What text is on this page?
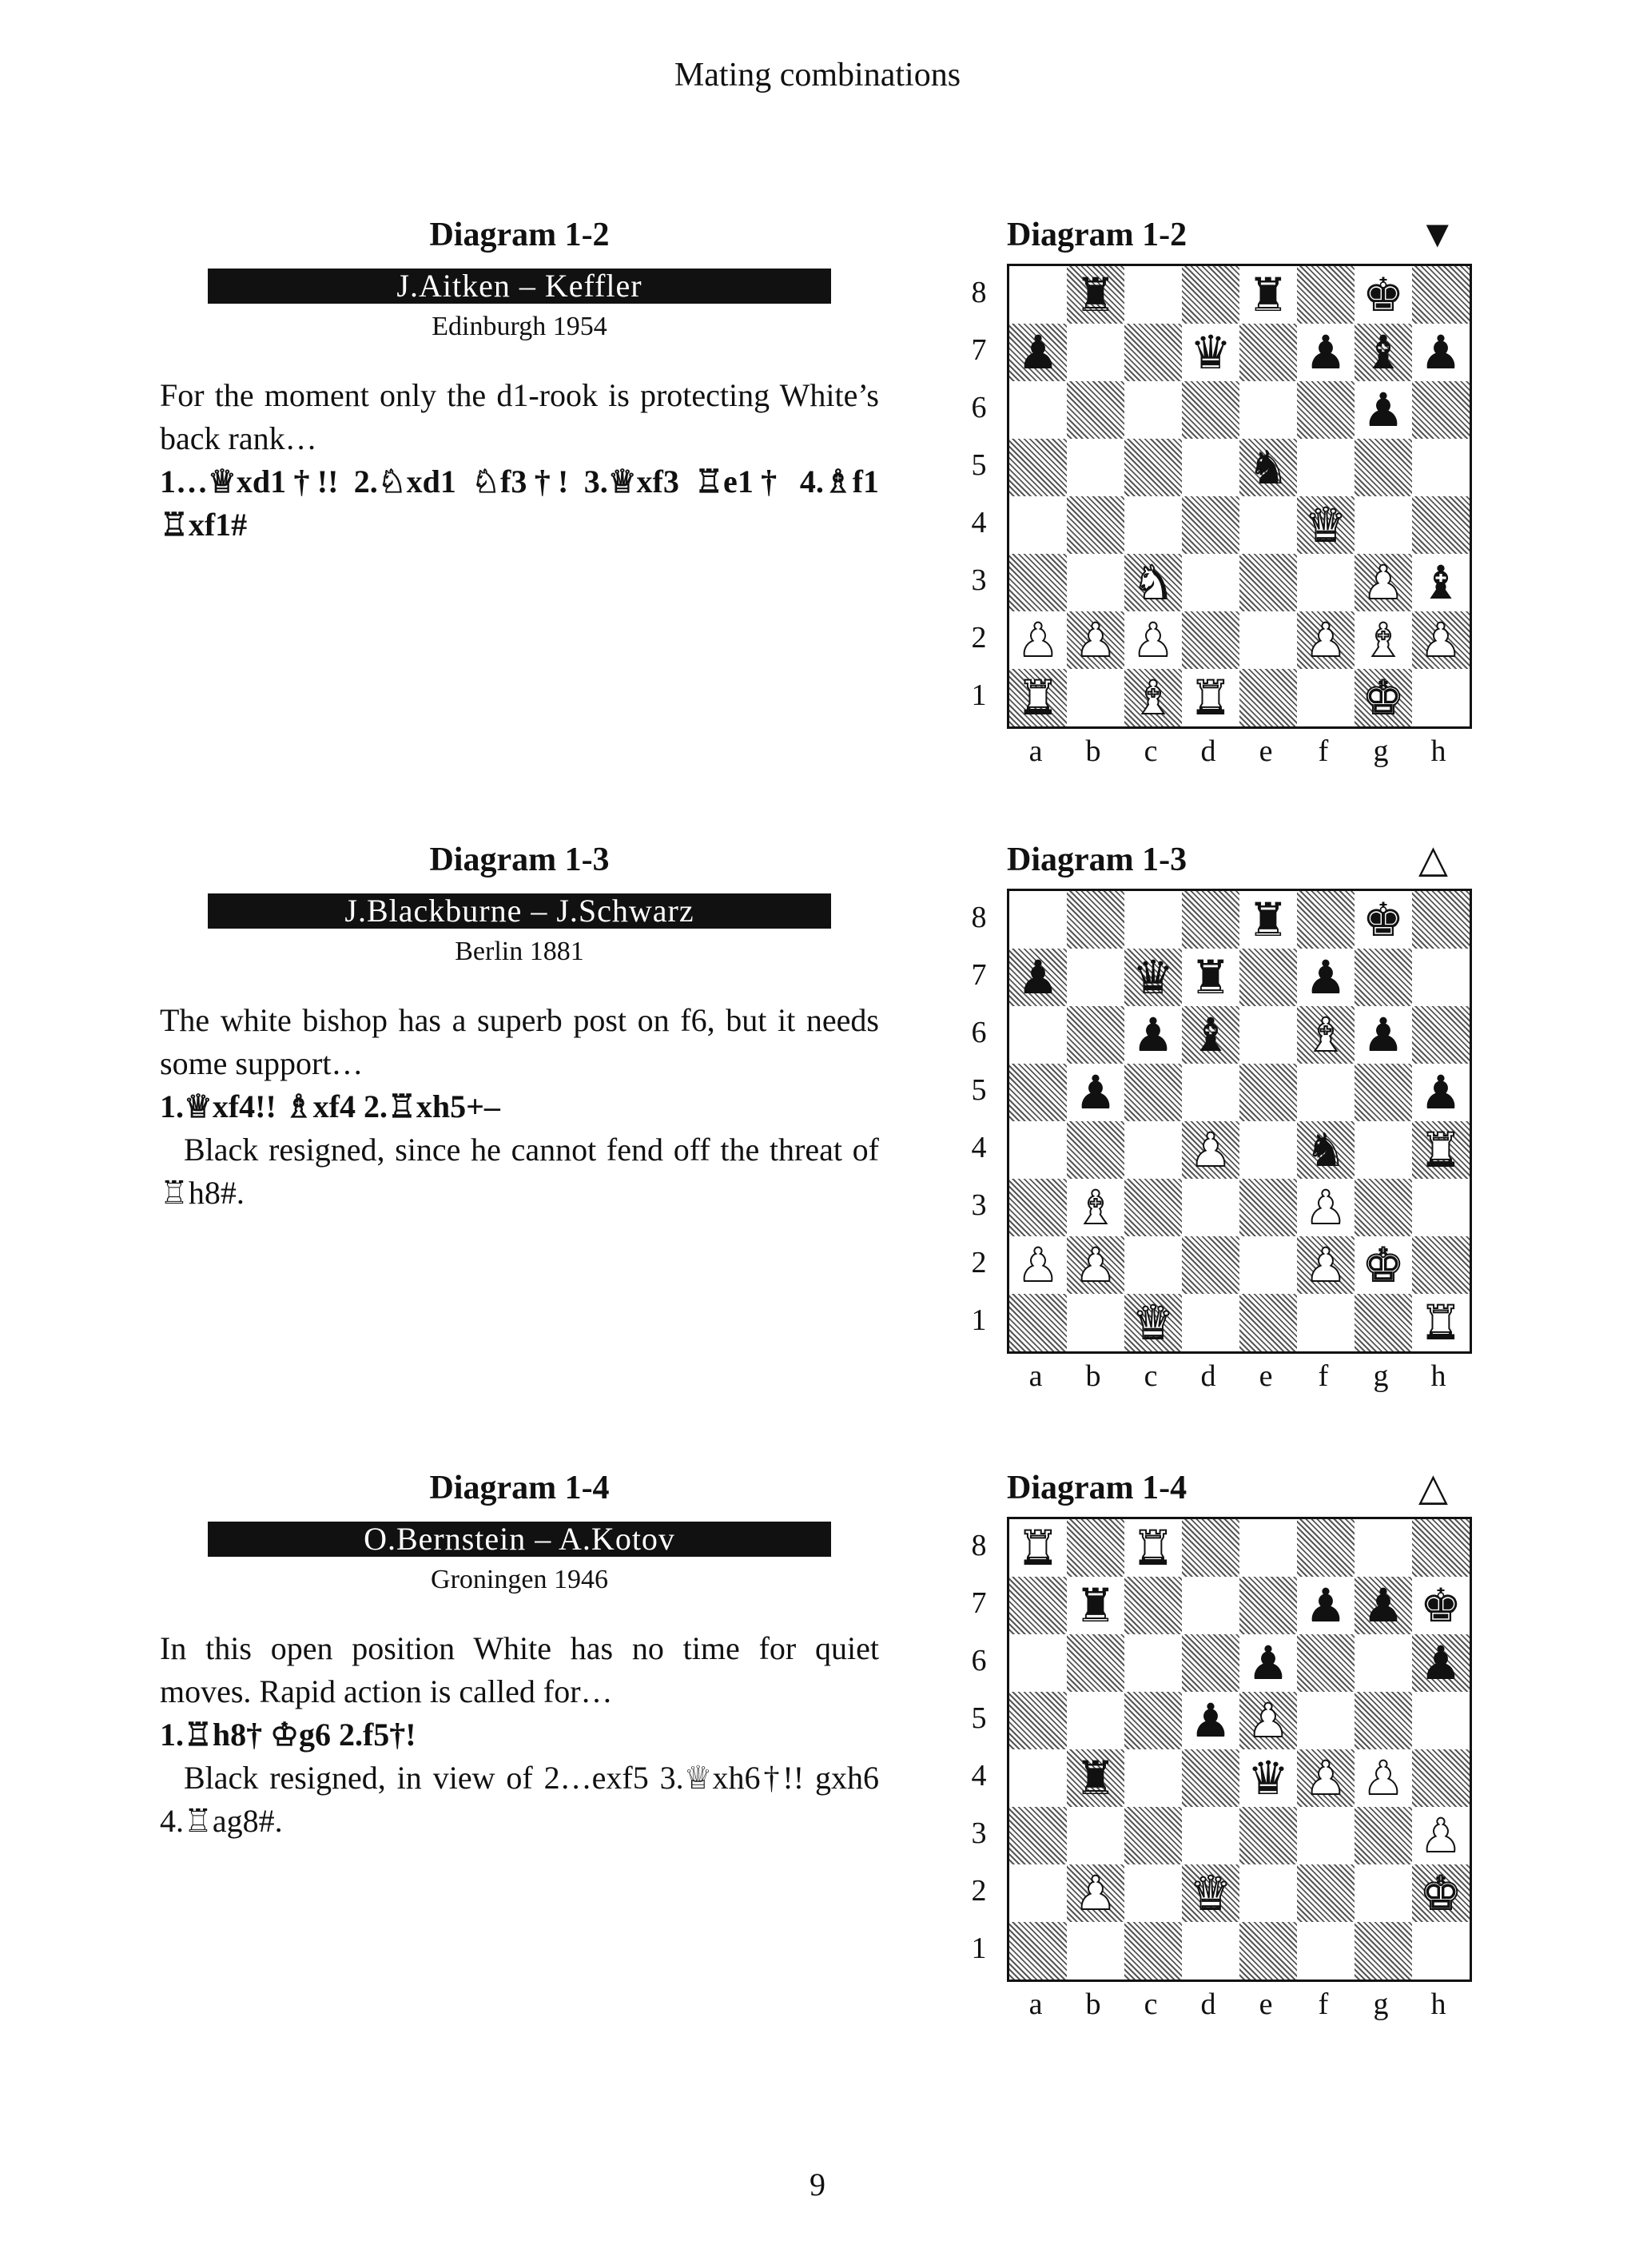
Mating combinations
Diagram 1-2
J.Aitken – Keffler
Edinburgh 1954

For the moment only the d1-rook is protecting White’s back rank…

1…♕xd1†!! 2.♘xd1 ♘f3†! 3.♕xf3 ♖e1† 4.♗f1 ♖xf1#

Diagram 1-2	▼
8
7
6
5
4
3
2
1
♜	♜ ♚
♟	♛ ♟ ♝ ♟
♟
♞
♛
♞	♟ ♝
♟ ♟ ♟	♟ ♝ ♟
♜ ♝ ♜	♚
a	b	c	d	e	f	g	h
Diagram 1-3
J.Blackburne – J.Schwarz
Berlin 1881

The white bishop has a superb post on f6, but it needs some support…

1.♕xf4!! ♗xf4 2.♖xh5+–

Black resigned, since he cannot fend off the threat of ♖h8#.

Diagram 1-3	△
8
7
6
5
4
3
2
1
♜ ♚
♟ ♛ ♜ ♟
♟ ♝ ♝ ♟
♟	♟
♟ ♞ ♜
♝	♟
♟ ♟	♟ ♚
♛	♜
a	b	c	d	e	f	g	h
Diagram 1-4
O.Bernstein – A.Kotov
Groningen 1946

In this open position White has no time for quiet moves. Rapid action is called for…

1.♖h8† ♔g6 2.f5†!

Black resigned, in view of 2…exf5 3.♕xh6†!! gxh6 4.♖ag8#.

Diagram 1-4	△
8
7
6
5
4
3
2
1
♜ ♜
♜	♟ ♟ ♚
♟	♟
♟ ♟
♜	♛ ♟ ♟
♟
♟ ♛	♚
a	b	c	d	e	f	g	h
9
